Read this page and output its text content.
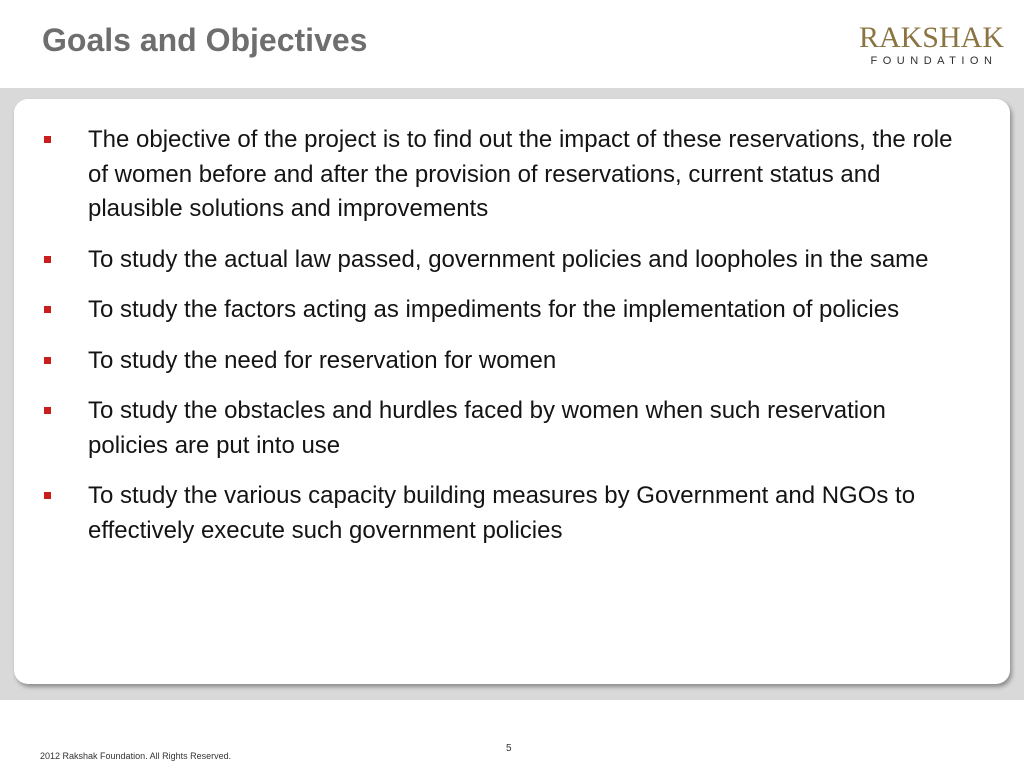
Goals and Objectives	RAKSHAK
FOUNDATION
The objective of the project is to find out the impact of these reservations, the role of women before and after the provision of reservations, current status and plausible solutions and improvements
To study the actual law passed, government policies and loopholes in the same
To study the factors acting as impediments for the implementation of policies
To study the need for reservation for women
To study the obstacles and hurdles faced by women when such reservation policies are put into use
To study the various capacity building measures by Government and NGOs to effectively execute such government policies
2012 Rakshak Foundation. All Rights Reserved.
5
